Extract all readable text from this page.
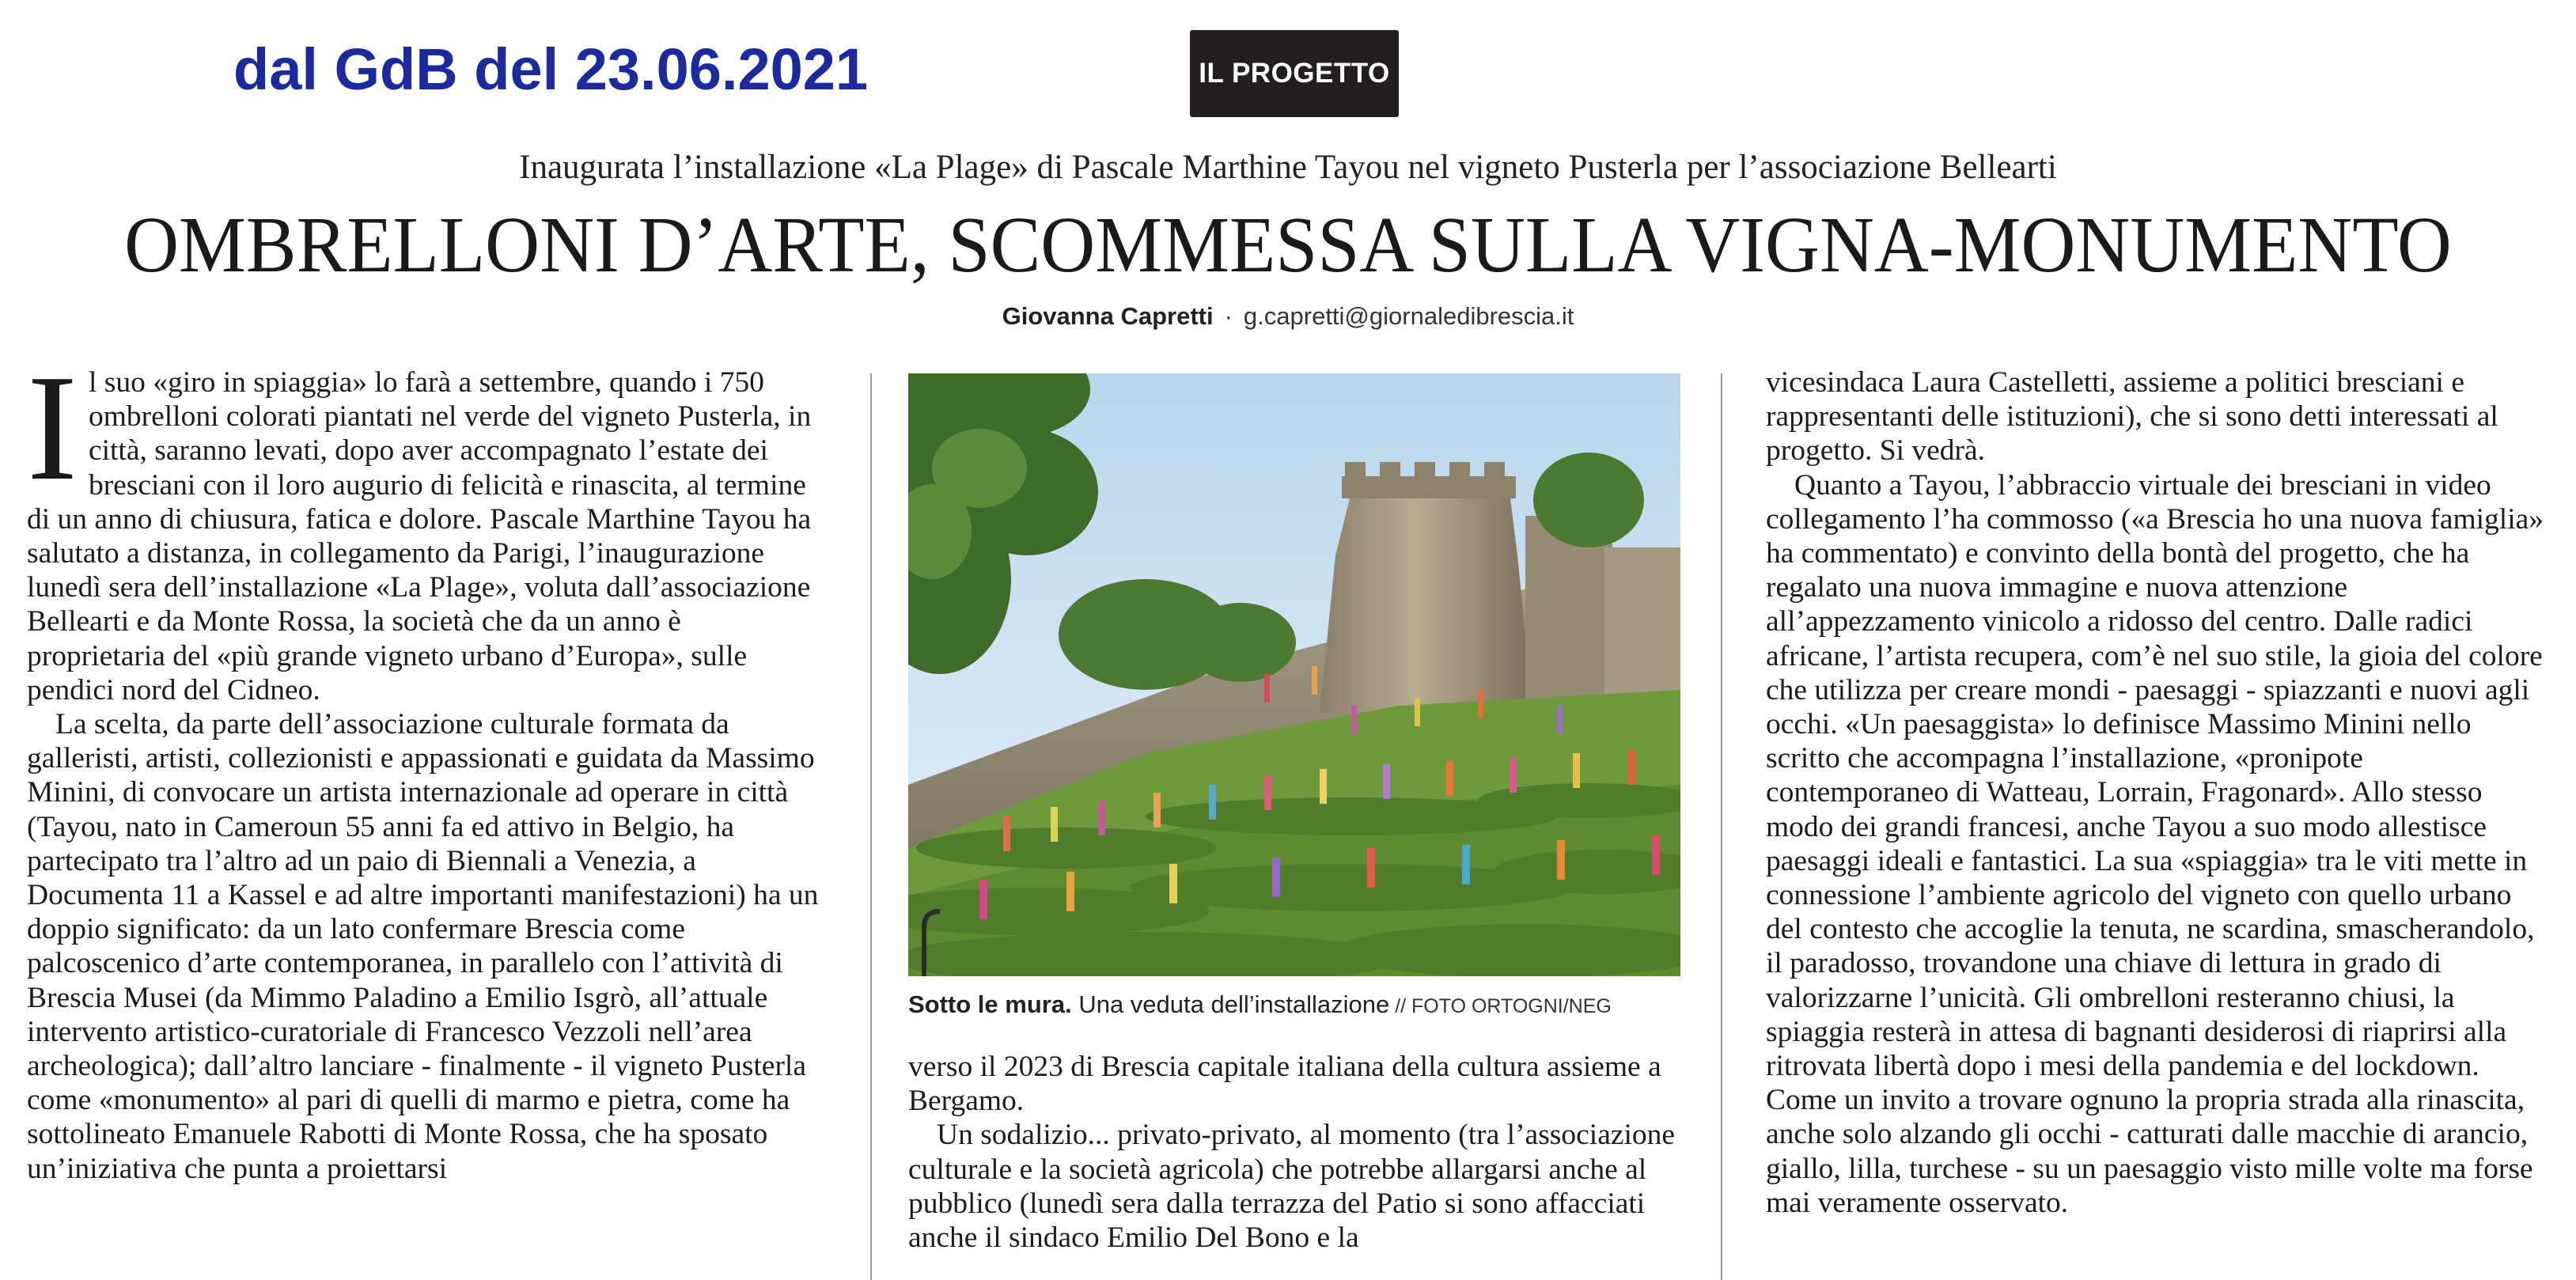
dal GdB del 23.06.2021	IL PROGETTO
Inaugurata l’installazione «La Plage» di Pascale Marthine Tayou nel vigneto Pusterla per l’associazione Bellearti
OMBRELLONI D’ARTE, SCOMMESSA SULLA VIGNA-MONUMENTO
Giovanna Capretti · g.capretti@giornaledibrescia.it

Il suo «giro in spiaggia» lo farà a settembre, quando i 750 ombrelloni colorati piantati nel verde del vigneto Pusterla, in città, saranno levati, dopo aver accompagnato l’estate dei bresciani con il loro augurio di felicità e rinascita, al termine di un anno di chiusura, fatica e dolore. Pascale Marthine Tayou ha salutato a distanza, in collegamento da Parigi, l’inaugurazione lunedì sera dell’installazione «La Plage», voluta dall’associazione Bellearti e da Monte Rossa, la società che da un anno è proprietaria del «più grande vigneto urbano d’Europa», sulle pendici nord del Cidneo.

La scelta, da parte dell’associazione culturale formata da galleristi, artisti, collezionisti e appassionati e guidata da Massimo Minini, di convocare un artista internazionale ad operare in città (Tayou, nato in Cameroun 55 anni fa ed attivo in Belgio, ha partecipato tra l’altro ad un paio di Biennali a Venezia, a Documenta 11 a Kassel e ad altre importanti manifestazioni) ha un doppio significato: da un lato confermare Brescia come palcoscenico d’arte contemporanea, in parallelo con l’attività di Brescia Musei (da Mimmo Paladino a Emilio Isgrò, all’attuale intervento artistico-curatoriale di Francesco Vezzoli nell’area archeologica); dall’altro lanciare - finalmente - il vigneto Pusterla come «monumento» al pari di quelli di marmo e pietra, come ha sottolineato Emanuele Rabotti di Monte Rossa, che ha sposato un’iniziativa che punta a proiettarsi

Sotto le mura. Una veduta dell’installazione // FOTO ORTOGNI/NEG

verso il 2023 di Brescia capitale italiana della cultura assieme a Bergamo.

Un sodalizio... privato-privato, al momento (tra l’associazione culturale e la società agricola) che potrebbe allargarsi anche al pubblico (lunedì sera dalla terrazza del Patio si sono affacciati anche il sindaco Emilio Del Bono e la

vicesindaca Laura Castelletti, assieme a politici bresciani e rappresentanti delle istituzioni), che si sono detti interessati al progetto. Si vedrà.

Quanto a Tayou, l’abbraccio virtuale dei bresciani in video collegamento l’ha commosso («a Brescia ho una nuova famiglia» ha commentato) e convinto della bontà del progetto, che ha regalato una nuova immagine e nuova attenzione all’appezzamento vinicolo a ridosso del centro. Dalle radici africane, l’artista recupera, com’è nel suo stile, la gioia del colore che utilizza per creare mondi - paesaggi - spiazzanti e nuovi agli occhi. «Un paesaggista» lo definisce Massimo Minini nello scritto che accompagna l’installazione, «pronipote contemporaneo di Watteau, Lorrain, Fragonard». Allo stesso modo dei grandi francesi, anche Tayou a suo modo allestisce paesaggi ideali e fantastici. La sua «spiaggia» tra le viti mette in connessione l’ambiente agricolo del vigneto con quello urbano del contesto che accoglie la tenuta, ne scardina, smascherandolo, il paradosso, trovandone una chiave di lettura in grado di valorizzarne l’unicità. Gli ombrelloni resteranno chiusi, la spiaggia resterà in attesa di bagnanti desiderosi di riaprirsi alla ritrovata libertà dopo i mesi della pandemia e del lockdown. Come un invito a trovare ognuno la propria strada alla rinascita, anche solo alzando gli occhi - catturati dalle macchie di arancio, giallo, lilla, turchese - su un paesaggio visto mille volte ma forse mai veramente osservato.
